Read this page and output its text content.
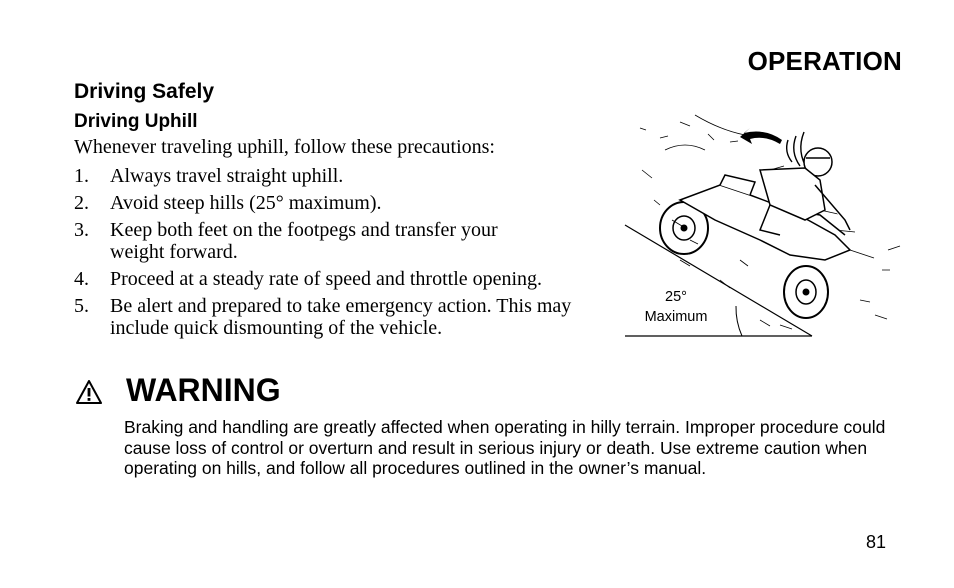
OPERATION
Driving Safely
Driving Uphill
Whenever traveling uphill, follow these precautions:
1.	Always travel straight uphill.
2.	Avoid steep hills (25° maximum).
3.	Keep both feet on the footpegs and transfer your weight forward.
4.	Proceed at a steady rate of speed and throttle opening.
5.	Be alert and prepared to take emergency action. This may include quick dismounting of the vehicle.
25°
Maximum
WARNING
Braking and handling are greatly affected when operating in hilly terrain. Improper procedure could cause loss of control or overturn and result in serious injury or death. Use extreme caution when operating on hills, and follow all procedures outlined in the owner’s manual.
81
